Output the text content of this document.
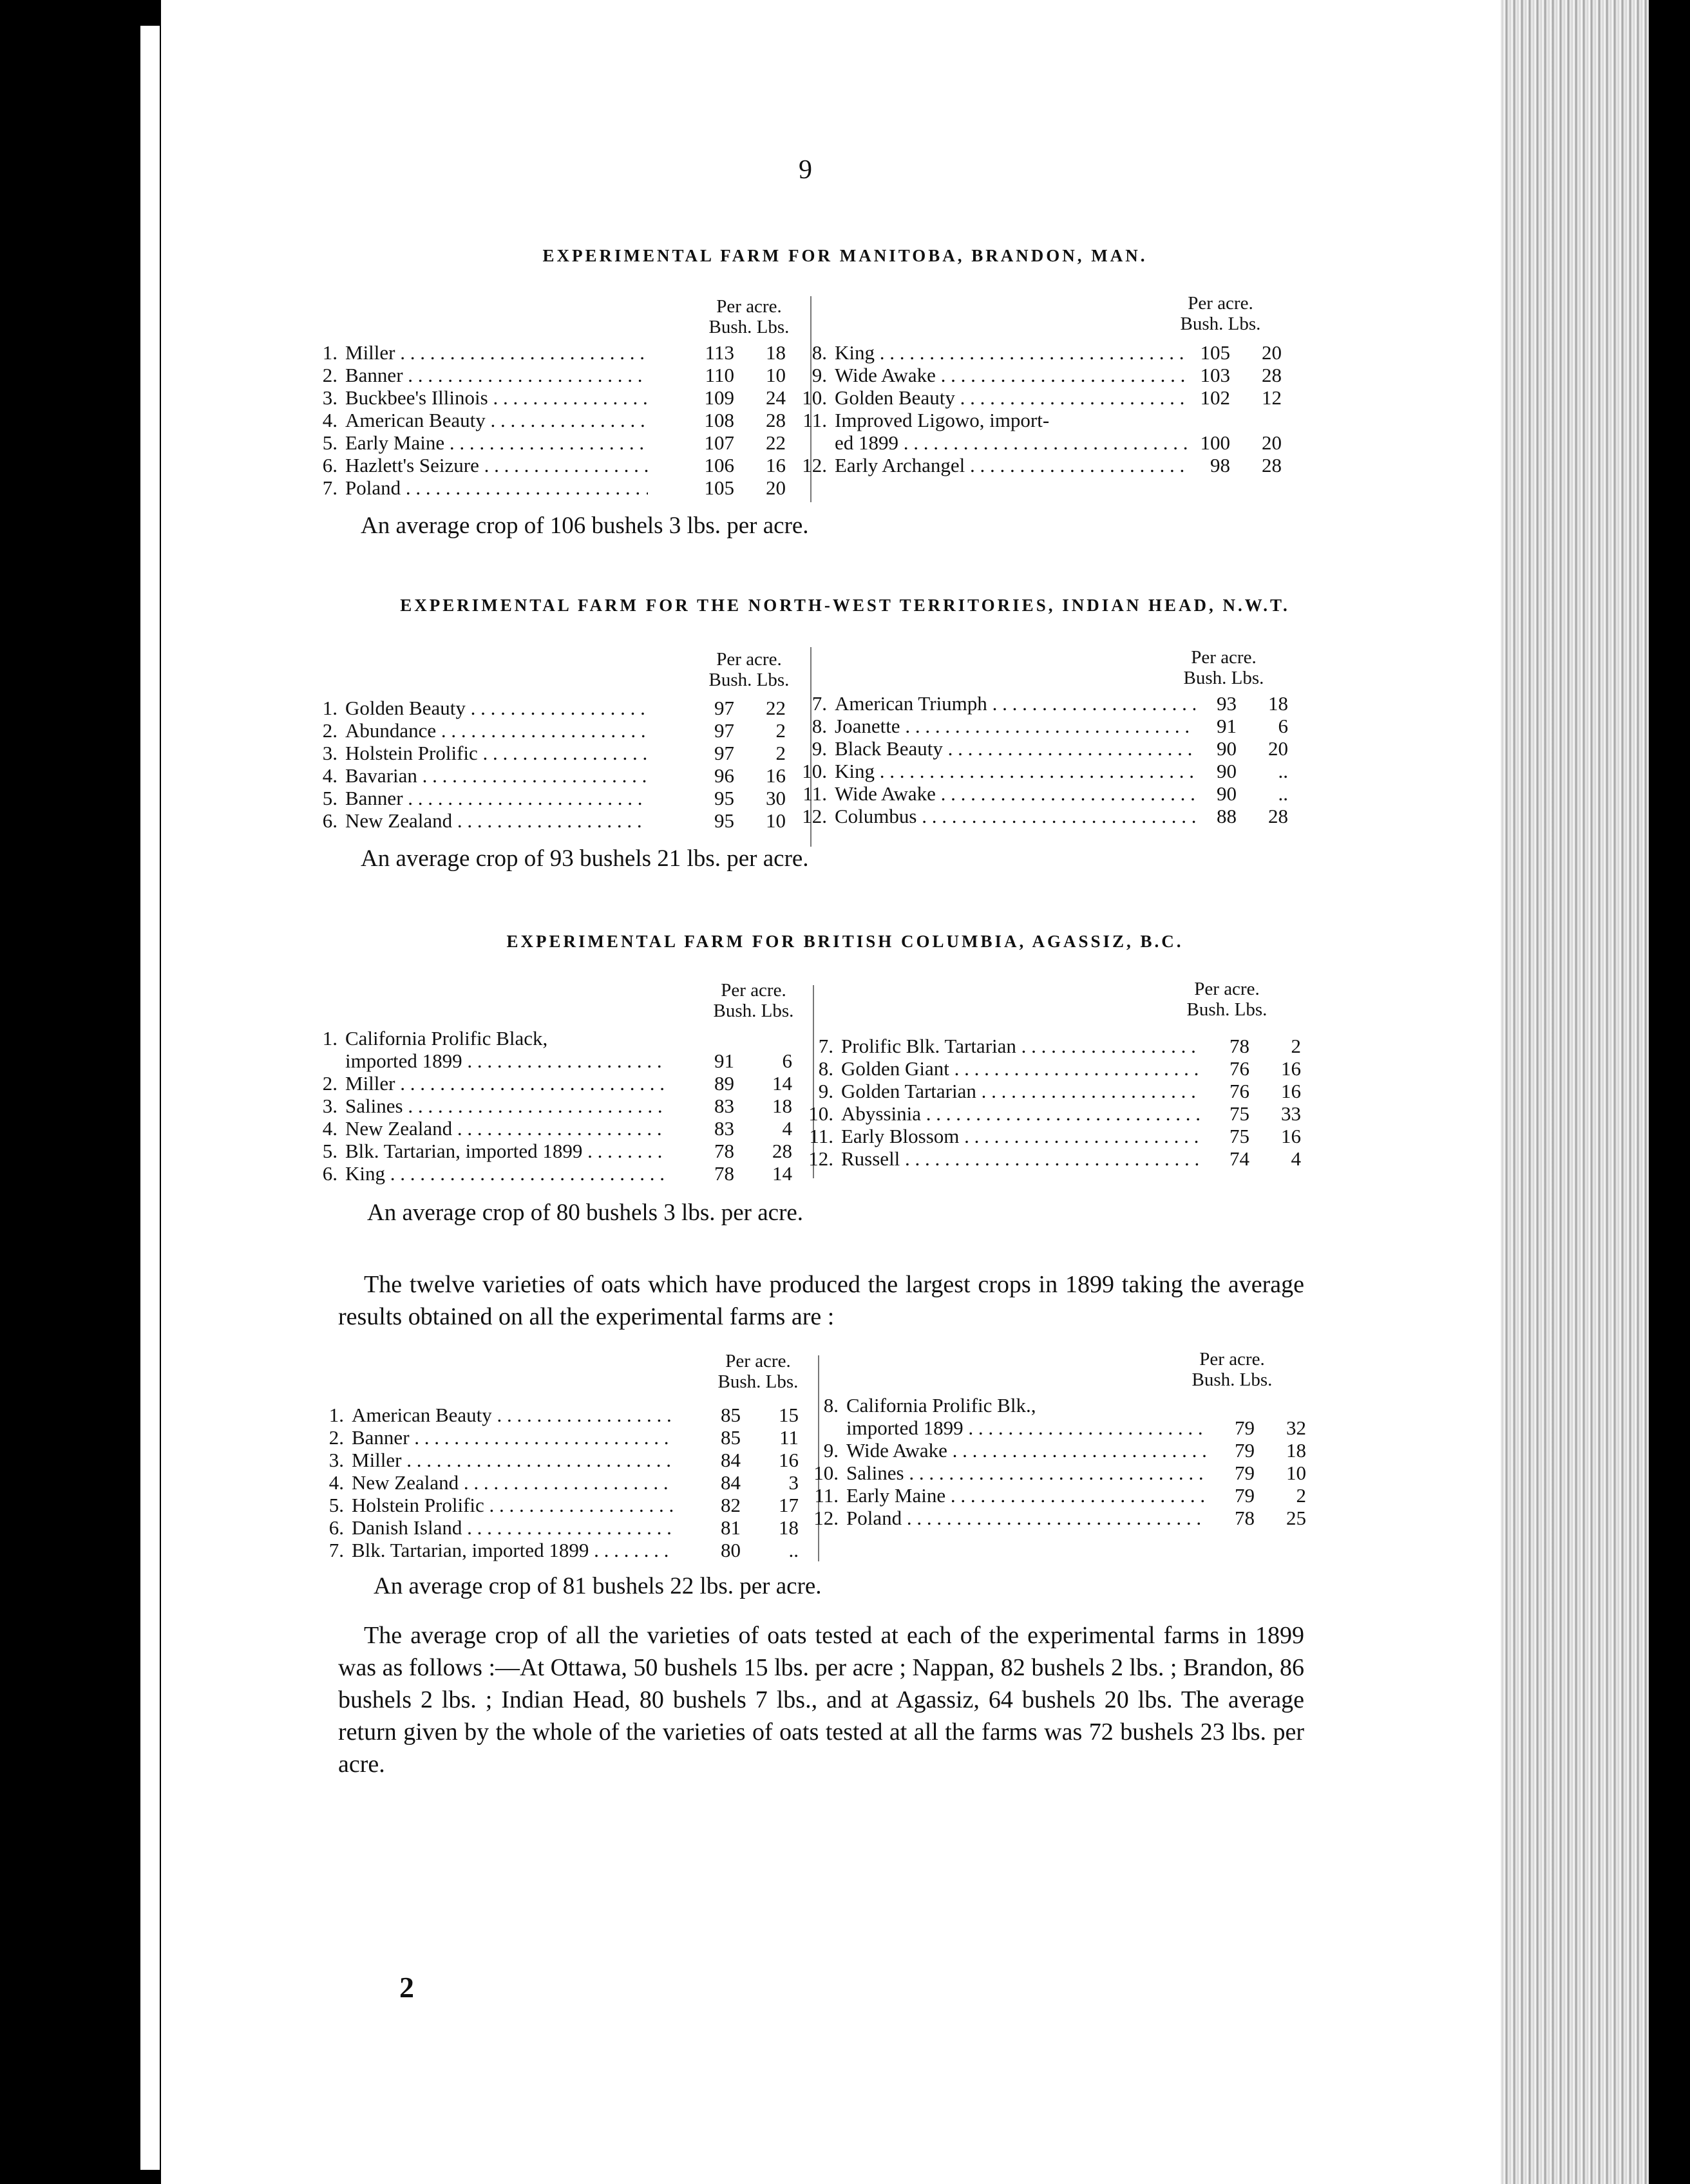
9
EXPERIMENTAL FARM FOR MANITOBA, BRANDON, MAN.
Per acre.
Bush. Lbs.
Per acre.
Bush. Lbs.
1. Miller . . .	113	18
2. Banner . . .	110	10
3. Buckbee's Illinois . . .	109	24
4. American Beauty . . .	108	28
5. Early Maine . . .	107	22
6. Hazlett's Seizure . . .	106	16
7. Poland . . .	105	20
8. King . . .	105	20
9. Wide Awake . . .	103	28
10. Golden Beauty . . .	102	12
11. Improved Ligowo, import-
ed 1899 . . .	100	20
12. Early Archangel . . .	98	28
An average crop of 106 bushels 3 lbs. per acre.
EXPERIMENTAL FARM FOR THE NORTH-WEST TERRITORIES, INDIAN HEAD, N.W.T.
Per acre.
Bush. Lbs.
Per acre.
Bush. Lbs.
1. Golden Beauty . . .	97	22
2. Abundance . . .	97	2
3. Holstein Prolific . . .	97	2
4. Bavarian . . .	96	16
5. Banner . . .	95	30
6. New Zealand . . .	95	10
7. American Triumph . . .	93	18
8. Joanette . . .	91	6
9. Black Beauty . . .	90	20
10. King . . .	90	..
11. Wide Awake . . .	90	..
12. Columbus . . .	88	28
An average crop of 93 bushels 21 lbs. per acre.
EXPERIMENTAL FARM FOR BRITISH COLUMBIA, AGASSIZ, B.C.
Per acre.
Bush. Lbs.
Per acre.
Bush. Lbs.
1. California Prolific Black,
imported 1899 . . .	91	6
2. Miller . . .	89	14
3. Salines . . .	83	18
4. New Zealand . . .	83	4
5. Blk. Tartarian, imported 1899 . . .	78	28
6. King . . .	78	14
7. Prolific Blk. Tartarian . . .	78	2
8. Golden Giant . . .	76	16
9. Golden Tartarian . . .	76	16
10. Abyssinia . . .	75	33
11. Early Blossom . . .	75	16
12. Russell . . .	74	4
An average crop of 80 bushels 3 lbs. per acre.
The twelve varieties of oats which have produced the largest crops in 1899 taking the average results obtained on all the experimental farms are :
Per acre.
Bush. Lbs.
Per acre.
Bush. Lbs.
1. American Beauty . . .	85	15
2. Banner . . .	85	11
3. Miller . . .	84	16
4. New Zealand . . .	84	3
5. Holstein Prolific . . .	82	17
6. Danish Island . . .	81	18
7. Blk. Tartarian, imported 1899 . . .	80	..
8. California Prolific Blk.,
imported 1899 . . .	79	32
9. Wide Awake . . .	79	18
10. Salines . . .	79	10
11. Early Maine . . .	79	2
12. Poland . . .	78	25
An average crop of 81 bushels 22 lbs. per acre.
The average crop of all the varieties of oats tested at each of the experimental farms in 1899 was as follows :—At Ottawa, 50 bushels 15 lbs. per acre ; Nappan, 82 bushels 2 lbs. ; Brandon, 86 bushels 2 lbs. ; Indian Head, 80 bushels 7 lbs., and at Agassiz, 64 bushels 20 lbs. The average return given by the whole of the varieties of oats tested at all the farms was 72 bushels 23 lbs. per acre.
2
